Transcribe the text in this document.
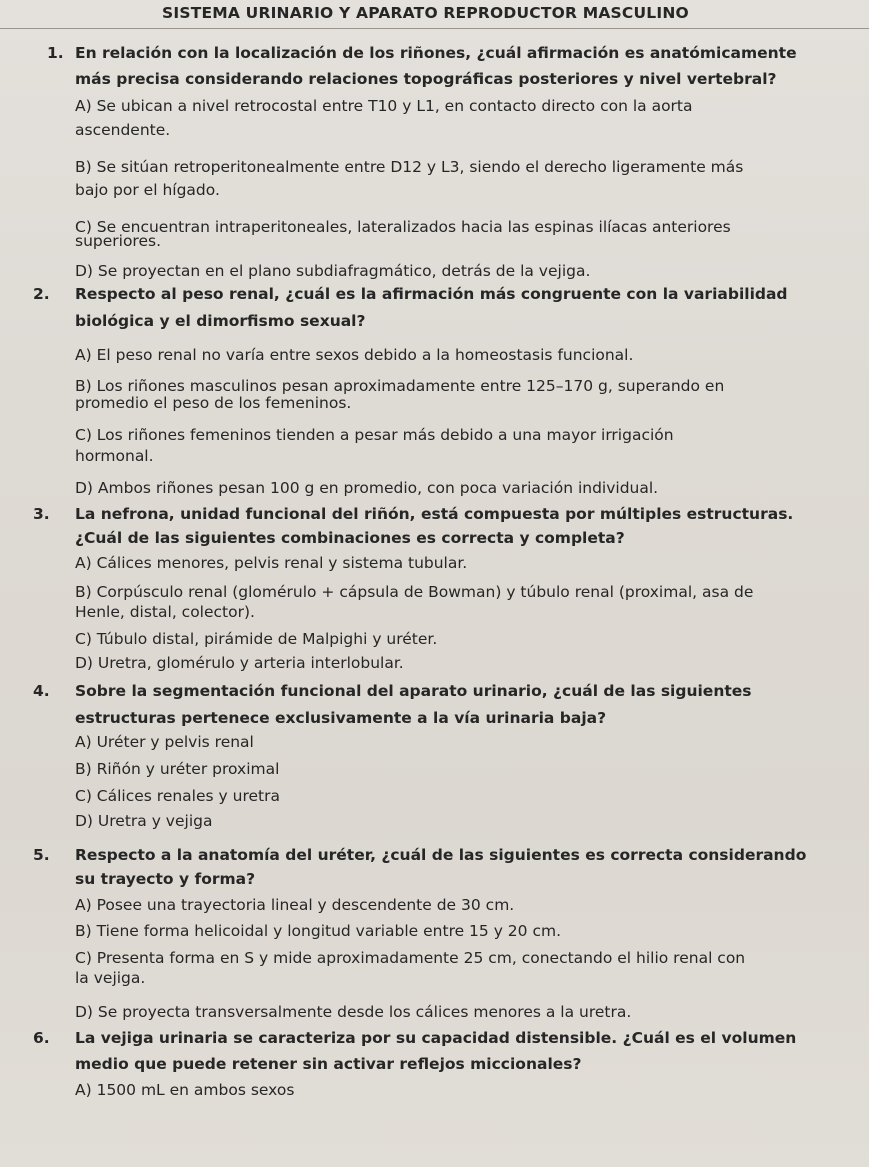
SISTEMA URINARIO Y APARATO REPRODUCTOR MASCULINO
1. En relación con la localización de los riñones, ¿cuál afirmación es anatómicamente
más precisa considerando relaciones topográficas posteriores y nivel vertebral?
A) Se ubican a nivel retrocostal entre T10 y L1, en contacto directo con la aorta
ascendente.
B) Se sitúan retroperitonealmente entre D12 y L3, siendo el derecho ligeramente más
bajo por el hígado.
C) Se encuentran intraperitoneales, lateralizados hacia las espinas ilíacas anteriores
superiores.
D) Se proyectan en el plano subdiafragmático, detrás de la vejiga.
2. Respecto al peso renal, ¿cuál es la afirmación más congruente con la variabilidad
biológica y el dimorfismo sexual?
A) El peso renal no varía entre sexos debido a la homeostasis funcional.
B) Los riñones masculinos pesan aproximadamente entre 125–170 g, superando en
promedio el peso de los femeninos.
C) Los riñones femeninos tienden a pesar más debido a una mayor irrigación
hormonal.
D) Ambos riñones pesan 100 g en promedio, con poca variación individual.
3. La nefrona, unidad funcional del riñón, está compuesta por múltiples estructuras.
¿Cuál de las siguientes combinaciones es correcta y completa?
A) Cálices menores, pelvis renal y sistema tubular.
B) Corpúsculo renal (glomérulo + cápsula de Bowman) y túbulo renal (proximal, asa de
Henle, distal, colector).
C) Túbulo distal, pirámide de Malpighi y uréter.
D) Uretra, glomérulo y arteria interlobular.
4. Sobre la segmentación funcional del aparato urinario, ¿cuál de las siguientes
estructuras pertenece exclusivamente a la vía urinaria baja?
A) Uréter y pelvis renal
B) Riñón y uréter proximal
C) Cálices renales y uretra
D) Uretra y vejiga
5. Respecto a la anatomía del uréter, ¿cuál de las siguientes es correcta considerando
su trayecto y forma?
A) Posee una trayectoria lineal y descendente de 30 cm.
B) Tiene forma helicoidal y longitud variable entre 15 y 20 cm.
C) Presenta forma en S y mide aproximadamente 25 cm, conectando el hilio renal con
la vejiga.
D) Se proyecta transversalmente desde los cálices menores a la uretra.
6. La vejiga urinaria se caracteriza por su capacidad distensible. ¿Cuál es el volumen
medio que puede retener sin activar reflejos miccionales?
A) 1500 mL en ambos sexos
